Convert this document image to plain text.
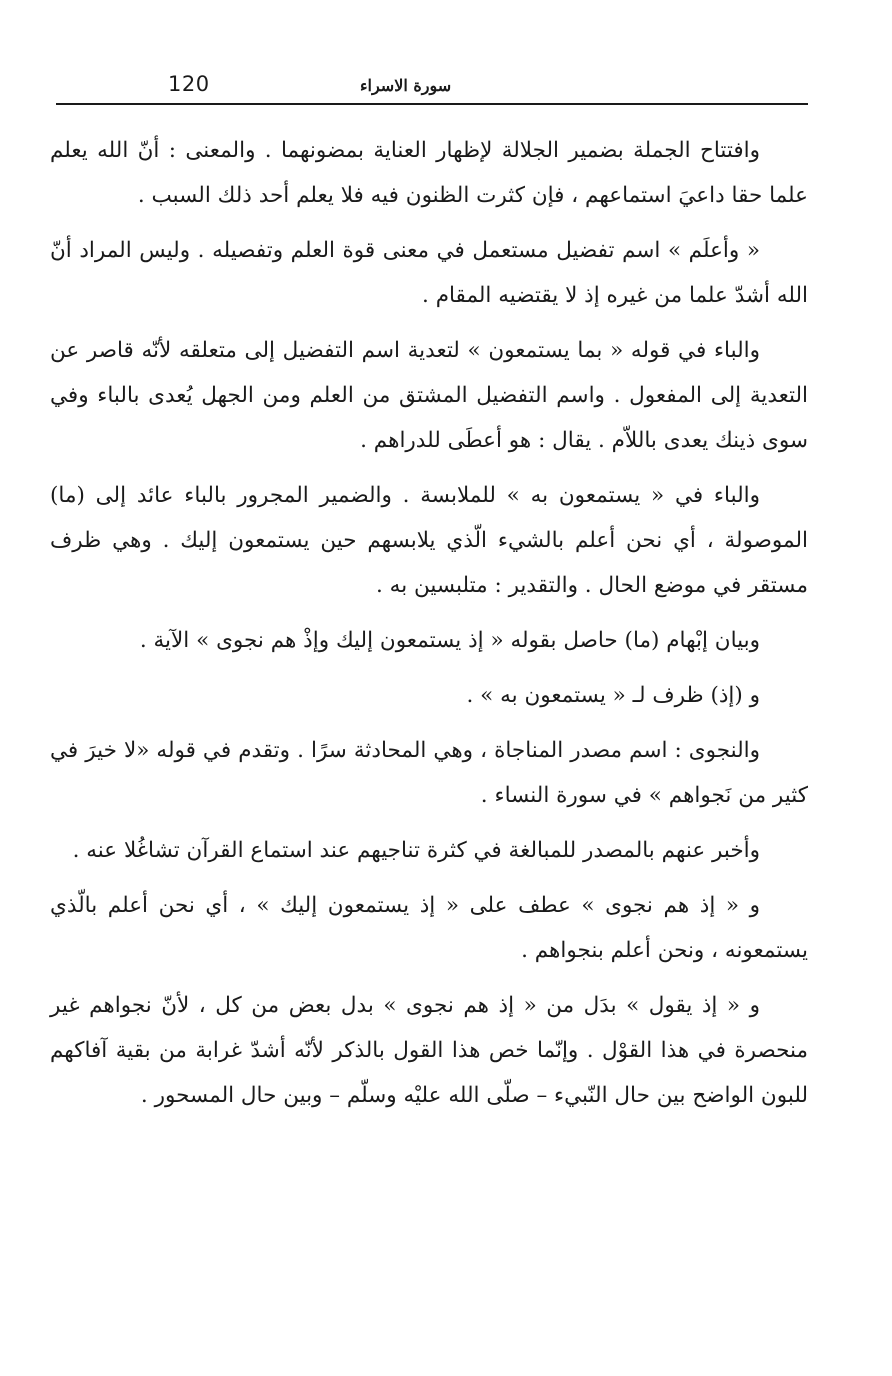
120	سورة الاسراء

وافتتاح الجملة بضمير الجلالة لإظهار العناية بمضونهما . والمعنى : أنّ الله يعلم علما حقا داعيَ استماعهم ، فإن كثرت الظنون فيه فلا يعلم أحد ذلك السبب .

« وأعلَم » اسم تفضيل مستعمل في معنى قوة العلم وتفصيله . وليس المراد أنّ الله أشدّ علما من غيره إذ لا يقتضيه المقام .

والباء في قوله « بما يستمعون » لتعدية اسم التفضيل إلى متعلقه لأنّه قاصر عن التعدية إلى المفعول . واسم التفضيل المشتق من العلم ومن الجهل يُعدى بالباء وفي سوى ذينك يعدى باللاّم . يقال : هو أعطَى للدراهم .

والباء في « يستمعون به » للملابسة . والضمير المجرور بالباء عائد إلى (ما) الموصولة ، أي نحن أعلم بالشيء الّذي يلابسهم حين يستمعون إليك . وهي ظرف مستقر في موضع الحال . والتقدير : متلبسين به .

وبيان إبْهام (ما) حاصل بقوله « إذ يستمعون إليك وإذْ هم نجوى » الآية .

و (إذ) ظرف لـ « يستمعون به » .

والنجوى : اسم مصدر المناجاة ، وهي المحادثة سرًا . وتقدم في قوله «لا خيرَ في كثير من نَجواهم » في سورة النساء .

وأخبر عنهم بالمصدر للمبالغة في كثرة تناجيهم عند استماع القرآن تشاغُلا عنه .

و « إذ هم نجوى » عطف على « إذ يستمعون إليك » ، أي نحن أعلم بالّذي يستمعونه ، ونحن أعلم بنجواهم .

و « إذ يقول » بدَل من « إذ هم نجوى » بدل بعض من كل ، لأنّ نجواهم غير منحصرة في هذا القوْل . وإنّما خص هذا القول بالذكر لأنّه أشدّ غرابة من بقية آفاكهم للبون الواضح بين حال النّبيء – صلّى الله عليْه وسلّم – وبين حال المسحور .
